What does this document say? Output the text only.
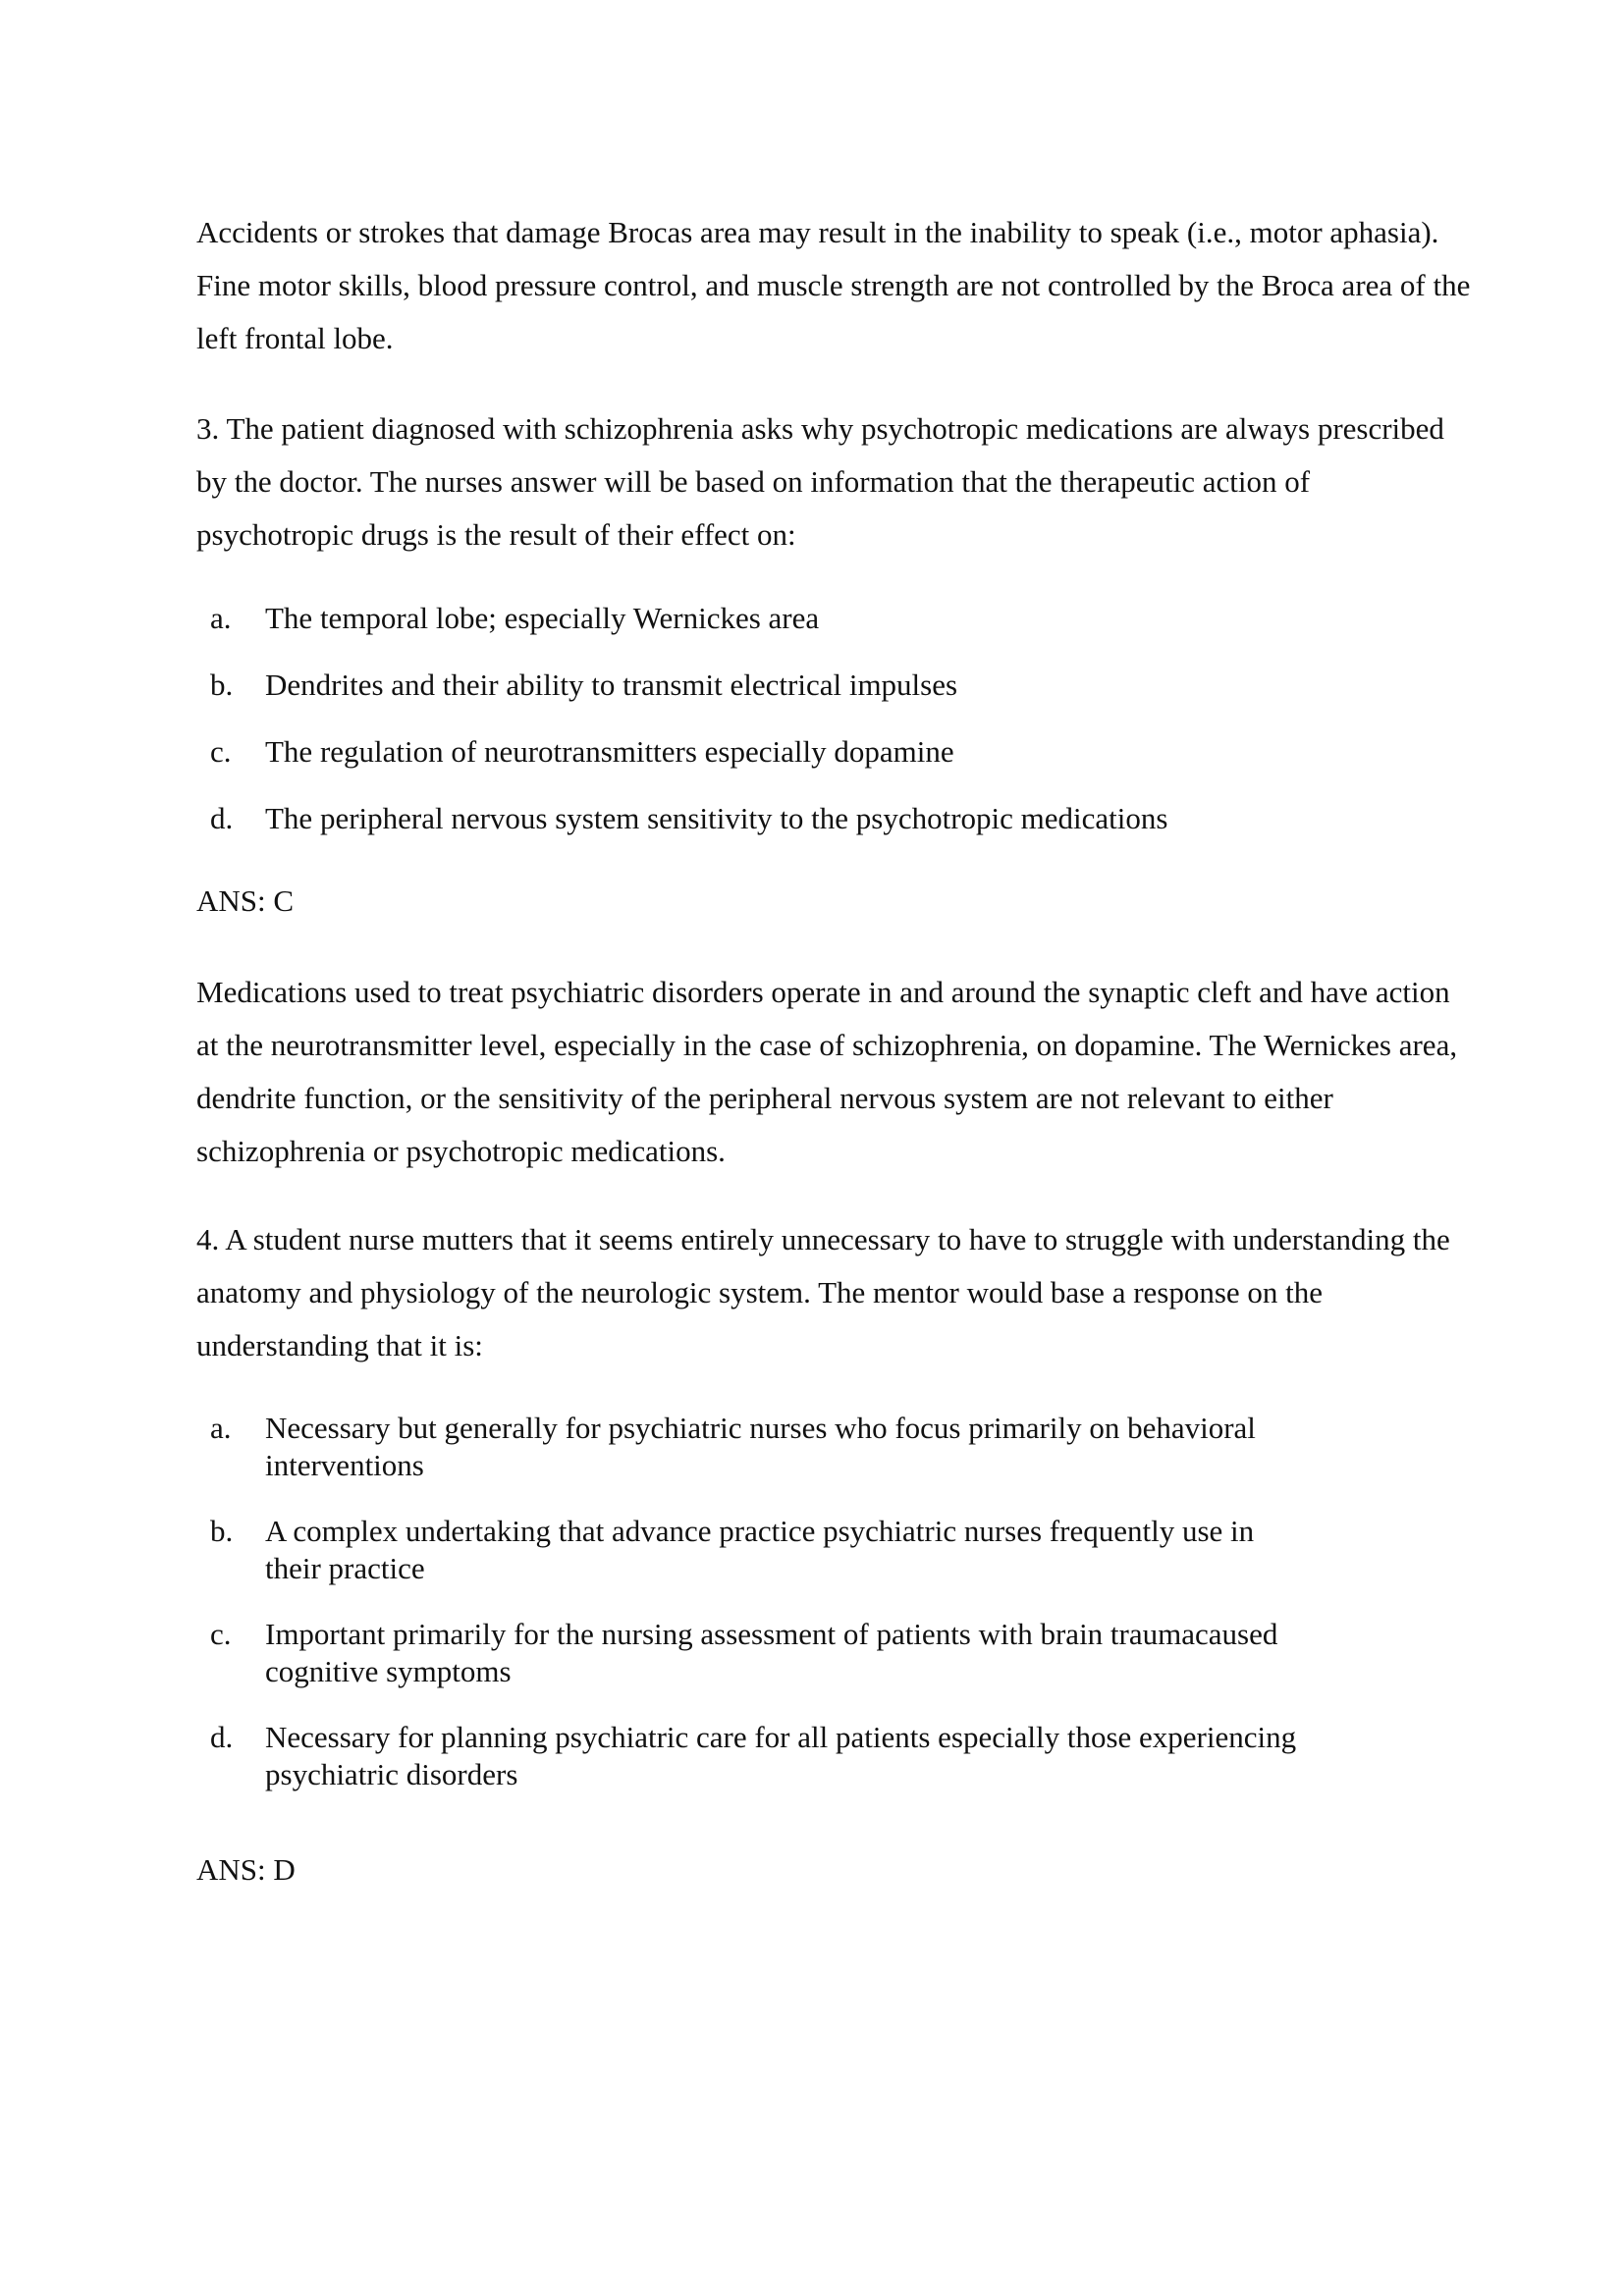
Accidents or strokes that damage Brocas area may result in the inability to speak (i.e., motor aphasia). Fine motor skills, blood pressure control, and muscle strength are not controlled by the Broca area of the left frontal lobe.

3. The patient diagnosed with schizophrenia asks why psychotropic medications are always prescribed by the doctor. The nurses answer will be based on information that the therapeutic action of psychotropic drugs is the result of their effect on:

a. The temporal lobe; especially Wernickes area
b. Dendrites and their ability to transmit electrical impulses
c. The regulation of neurotransmitters especially dopamine
d. The peripheral nervous system sensitivity to the psychotropic medications

ANS: C

Medications used to treat psychiatric disorders operate in and around the synaptic cleft and have action at the neurotransmitter level, especially in the case of schizophrenia, on dopamine. The Wernickes area, dendrite function, or the sensitivity of the peripheral nervous system are not relevant to either schizophrenia or psychotropic medications.

4. A student nurse mutters that it seems entirely unnecessary to have to struggle with understanding the anatomy and physiology of the neurologic system. The mentor would base a response on the understanding that it is:

a. Necessary but generally for psychiatric nurses who focus primarily on behavioral interventions
b. A complex undertaking that advance practice psychiatric nurses frequently use in their practice
c. Important primarily for the nursing assessment of patients with brain traumacaused cognitive symptoms
d. Necessary for planning psychiatric care for all patients especially those experiencing psychiatric disorders

ANS: D
